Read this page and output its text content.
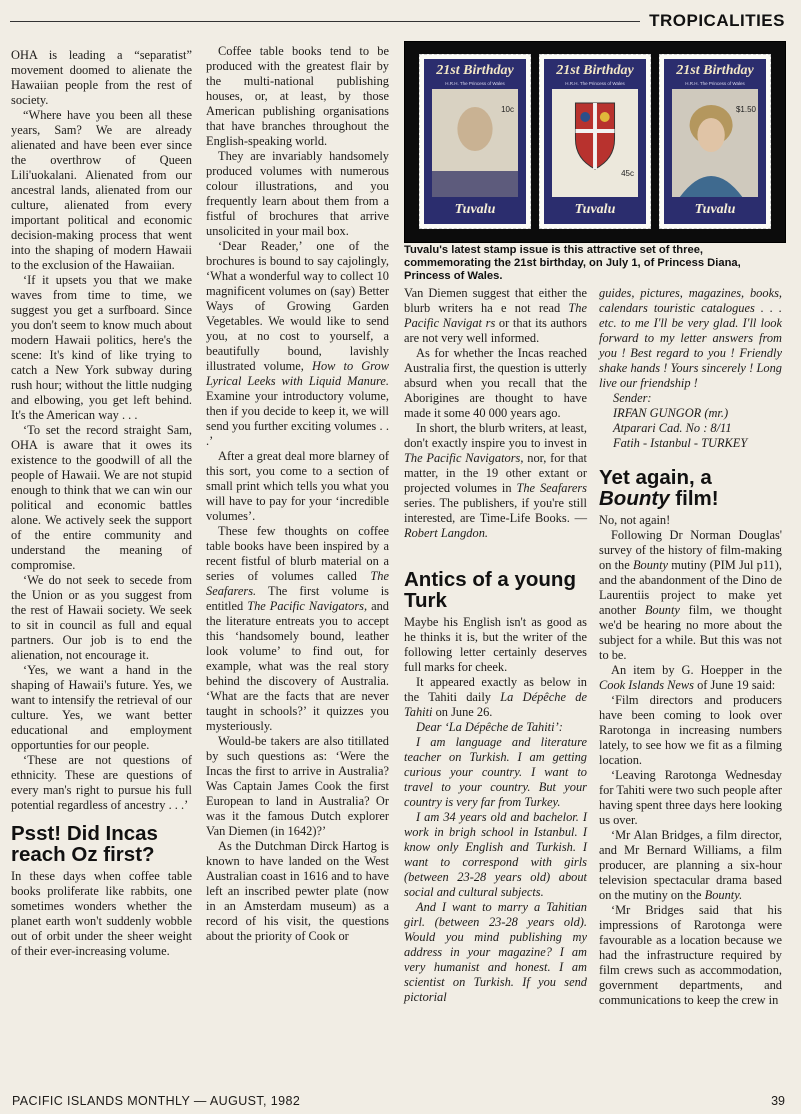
TROPICALITIES

OHA is leading a “separatist” movement doomed to alienate the Hawaiian people from the rest of society.

“Where have you been all these years, Sam? We are already alienated and have been ever since the overthrow of Queen Lili'uokalani. Alienated from our ancestral lands, alienated from our culture, alienated from every important political and economic decision-making process that went into the shaping of modern Hawaii to the exclusion of the Hawaiian.

‘If it upsets you that we make waves from time to time, we suggest you get a surfboard. Since you don't seem to know much about modern Hawaii politics, here's the scene: It's kind of like trying to catch a New York subway during rush hour; without the little nudging and elbowing, you get left behind. It's the American way . . .

‘To set the record straight Sam, OHA is aware that it owes its existence to the goodwill of all the people of Hawaii. We are not stupid enough to think that we can win our political and economic battles alone. We actively seek the support of the entire community and understand the meaning of compromise.

‘We do not seek to secede from the Union or as you suggest from the rest of Hawaii society. We seek to sit in council as full and equal partners. Our job is to end the alienation, not encourage it.

‘Yes, we want a hand in the shaping of Hawaii's future. Yes, we want to intensify the retrieval of our culture. Yes, we want better educational and employment opportunties for our people.

‘These are not questions of ethnicity. These are questions of every man's right to pursue his full potential regardless of ancestry . . .’

Psst! Did Incas reach Oz first?

In these days when coffee table books proliferate like rabbits, one sometimes wonders whether the planet earth won't suddenly wobble out of orbit under the sheer weight of their ever-increasing volume.

Coffee table books tend to be produced with the greatest flair by the multi-national publishing houses, or, at least, by those American publishing organisations that have branches throughout the English-speaking world.

They are invariably handsomely produced volumes with numerous colour illustrations, and you frequently learn about them from a fistful of brochures that arrive unsolicited in your mail box.

‘Dear Reader,’ one of the brochures is bound to say cajolingly, ‘What a wonderful way to collect 10 magnificent volumes on (say) Better Ways of Growing Garden Vegetables. We would like to send you, at no cost to yourself, a beautifully bound, lavishly illustrated volume, How to Grow Lyrical Leeks with Liquid Manure. Examine your introductory volume, then if you decide to keep it, we will send you further exciting volumes . . .’

After a great deal more blarney of this sort, you come to a section of small print which tells you what you will have to pay for your ‘incredible volumes’.

These few thoughts on coffee table books have been inspired by a recent fistful of blurb material on a series of volumes called The Seafarers. The first volume is entitled The Pacific Navigators, and the literature entreats you to accept this ‘handsomely bound, leather look volume’ to find out, for example, what was the real story behind the discovery of Australia. ‘What are the facts that are never taught in schools?’ it quizzes you mysteriously.

Would-be takers are also titillated by such questions as: ‘Were the Incas the first to arrive in Australia? Was Captain James Cook the first European to land in Australia? Or was it the famous Dutch explorer Van Diemen (in 1642)?’

As the Dutchman Dirck Hartog is known to have landed on the West Australian coast in 1616 and to have left an inscribed pewter plate (now in an Amsterdam museum) as a record of his visit, the questions about the priority of Cook or

21st Birthday
H.R.H. The Princess of Wales
10c
Tuvalu
21st Birthday
H.R.H. The Princess of Wales
45c
Tuvalu
21st Birthday
H.R.H. The Princess of Wales
$1.50
Tuvalu
Tuvalu's latest stamp issue is this attractive set of three, commemorating the 21st birthday, on July 1, of Princess Diana, Princess of Wales.

Van Diemen suggest that either the blurb writers ha e not read The Pacific Navigat rs or that its authors are not very well informed.

As for whether the Incas reached Australia first, the question is utterly absurd when you recall that the Aborigines are thought to have made it some 40 000 years ago.

In short, the blurb writers, at least, don't exactly inspire you to invest in The Pacific Navigators, nor, for that matter, in the 19 other extant or projected volumes in The Seafarers series. The publishers, if you're still interested, are Time-Life Books. — Robert Langdon.

Antics of a young Turk

Maybe his English isn't as good as he thinks it is, but the writer of the following letter certainly deserves full marks for cheek.

It appeared exactly as below in the Tahiti daily La Dépêche de Tahiti on June 26.

Dear ‘La Dépêche de Tahiti’:

I am language and literature teacher on Turkish. I am getting curious your country. I want to travel to your country. But your country is very far from Turkey.

I am 34 years old and bachelor. I work in brigh school in Istanbul. I know only English and Turkish. I want to correspond with girls (between 23-28 years old) about social and cultural subjects.

And I want to marry a Tahitian girl. (between 23-28 years old). Would you mind publishing my address in your magazine? I am very humanist and honest. I am scientist on Turkish. If you send pictorial

guides, pictures, magazines, books, calendars touristic catalogues . . . etc. to me I'll be very glad. I'll look forward to my letter answers from you ! Best regard to you ! Friendly shake hands ! Yours sincerely ! Long live our friendship !

Sender:

IRFAN GUNGOR (mr.)

Atparari Cad. No : 8/11

Fatih - Istanbul - TURKEY

Yet again, a Bounty film!

No, not again!

Following Dr Norman Douglas' survey of the history of film-making on the Bounty mutiny (PIM Jul p11), and the abandonment of the Dino de Laurentiis project to make yet another Bounty film, we thought we'd be hearing no more about the subject for a while. But this was not to be.

An item by G. Hoepper in the Cook Islands News of June 19 said:

‘Film directors and producers have been coming to look over Rarotonga in increasing numbers lately, to see how we fit as a filming location.

‘Leaving Rarotonga Wednesday for Tahiti were two such people after having spent three days here looking us over.

‘Mr Alan Bridges, a film director, and Mr Bernard Williams, a film producer, are planning a six-hour television spectacular drama based on the mutiny on the Bounty.

‘Mr Bridges said that his impressions of Rarotonga were favourable as a location because we had the infrastructure required by film crews such as accommodation, government departments, and communications to keep the crew in

PACIFIC ISLANDS MONTHLY — AUGUST, 1982	39
